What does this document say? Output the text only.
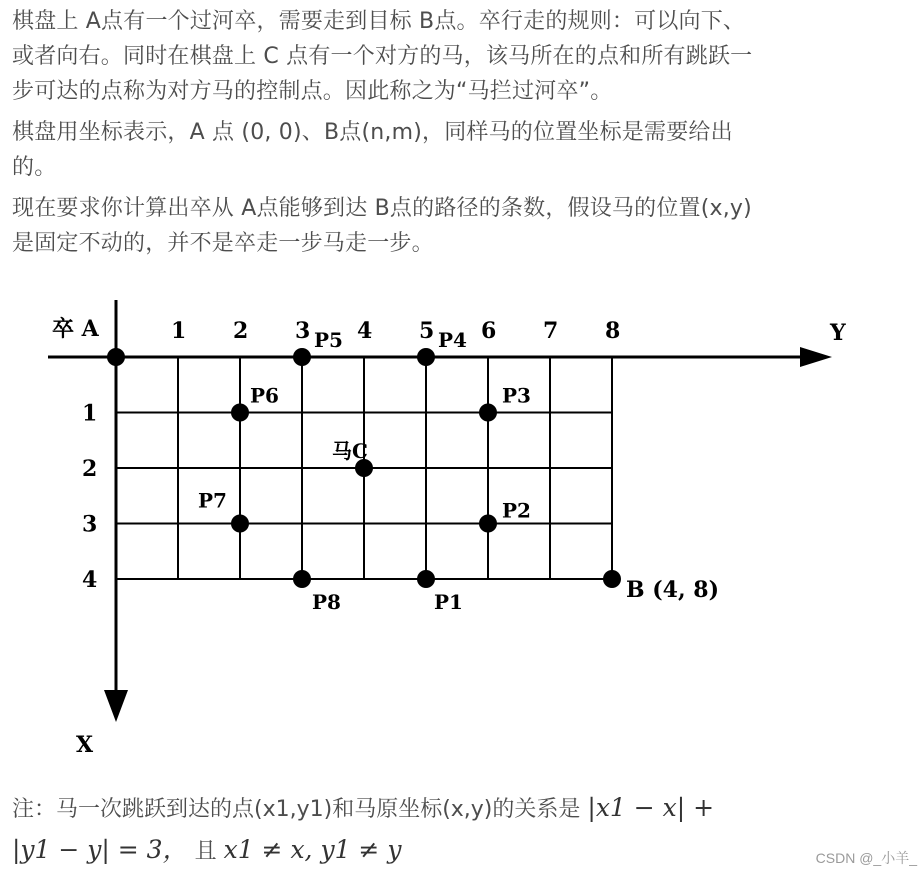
棋盘上 A点有一个过河卒，需要走到目标 B点。卒行走的规则：可以向下、
或者向右。同时在棋盘上 C 点有一个对方的马，该马所在的点和所有跳跃一
步可达的点称为对方马的控制点。因此称之为“马拦过河卒”。
棋盘用坐标表示，A 点 (0, 0)、B点(n,m)，同样马的位置坐标是需要给出
的。
现在要求你计算出卒从 A点能够到达 B点的路径的条数，假设马的位置(x,y)
是固定不动的，并不是卒走一步马走一步。
Y
X
卒 A	1 2 3 4 5 6 7 8
1
2
3
4	B (4, 8)
马C
P1
P2
P3
P4
P5
P6
P7
P8
注：马一次跳跃到达的点(x1,y1)和马原坐标(x,y)的关系是 |x1 − x| +
|y1 − y| = 3， 且 x1 ≠ x, y1 ≠ y	CSDN @_小羊_
